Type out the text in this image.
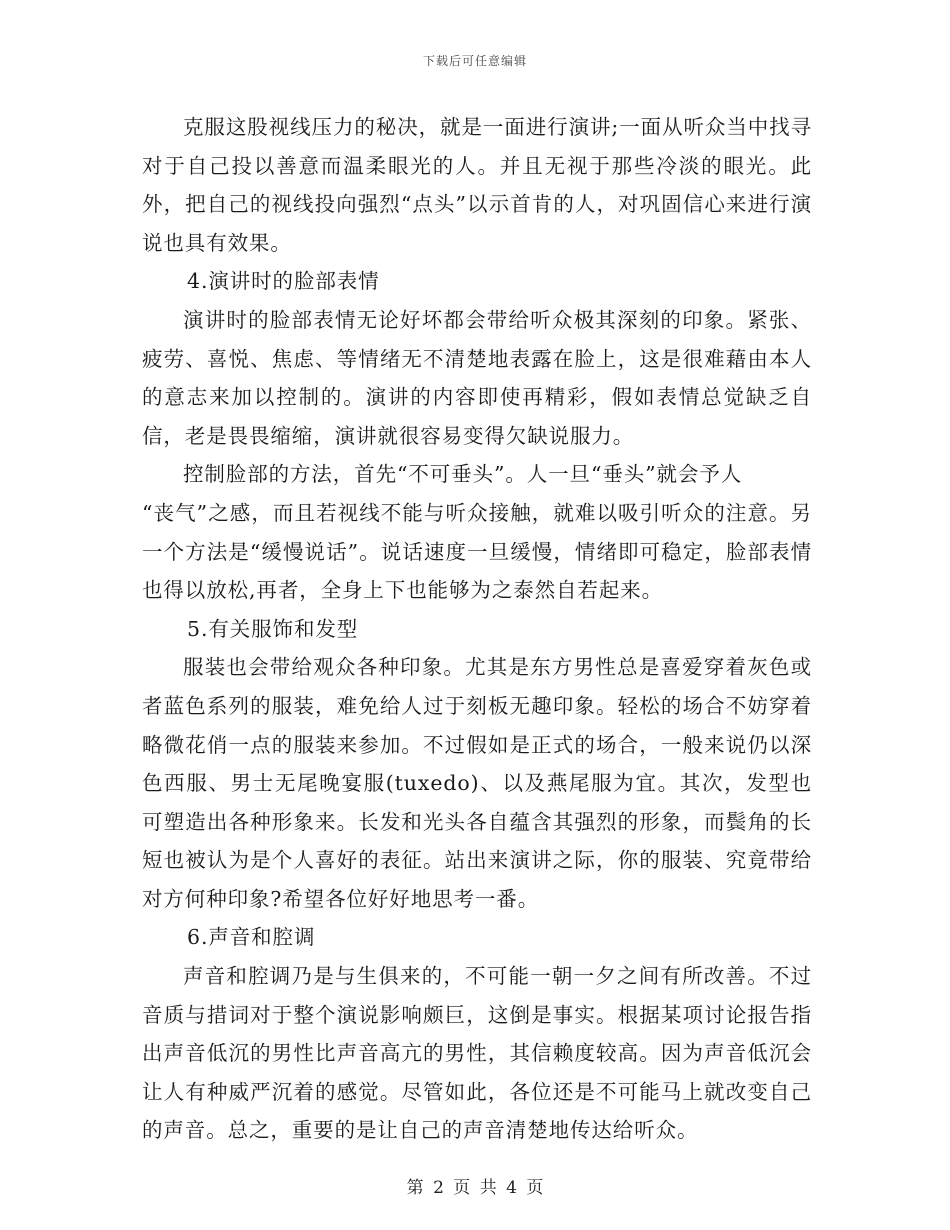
下载后可任意编辑

克服这股视线压力的秘决，就是一面进行演讲;一面从听众当中找寻对于自己投以善意而温柔眼光的人。并且无视于那些冷淡的眼光。此外，把自己的视线投向强烈“点头”以示首肯的人，对巩固信心来进行演说也具有效果。

4.演讲时的脸部表情

演讲时的脸部表情无论好坏都会带给听众极其深刻的印象。紧张、疲劳、喜悦、焦虑、等情绪无不清楚地表露在脸上，这是很难藉由本人的意志来加以控制的。演讲的内容即使再精彩，假如表情总觉缺乏自信，老是畏畏缩缩，演讲就很容易变得欠缺说服力。

控制脸部的方法，首先“不可垂头”。人一旦“垂头”就会予人

“丧气”之感，而且若视线不能与听众接触，就难以吸引听众的注意。另一个方法是“缓慢说话”。说话速度一旦缓慢，情绪即可稳定，脸部表情也得以放松,再者，全身上下也能够为之泰然自若起来。

5.有关服饰和发型

服装也会带给观众各种印象。尤其是东方男性总是喜爱穿着灰色或者蓝色系列的服装，难免给人过于刻板无趣印象。轻松的场合不妨穿着略微花俏一点的服装来参加。不过假如是正式的场合，一般来说仍以深色西服、男士无尾晚宴服(tuxedo)、以及燕尾服为宜。其次，发型也可塑造出各种形象来。长发和光头各自蕴含其强烈的形象，而鬓角的长短也被认为是个人喜好的表征。站出来演讲之际，你的服装、究竟带给对方何种印象?希望各位好好地思考一番。

6.声音和腔调

声音和腔调乃是与生俱来的，不可能一朝一夕之间有所改善。不过音质与措词对于整个演说影响颇巨，这倒是事实。根据某项讨论报告指出声音低沉的男性比声音高亢的男性，其信赖度较高。因为声音低沉会让人有种威严沉着的感觉。尽管如此，各位还是不可能马上就改变自己的声音。总之，重要的是让自己的声音清楚地传达给听众。

第 2 页 共 4 页
